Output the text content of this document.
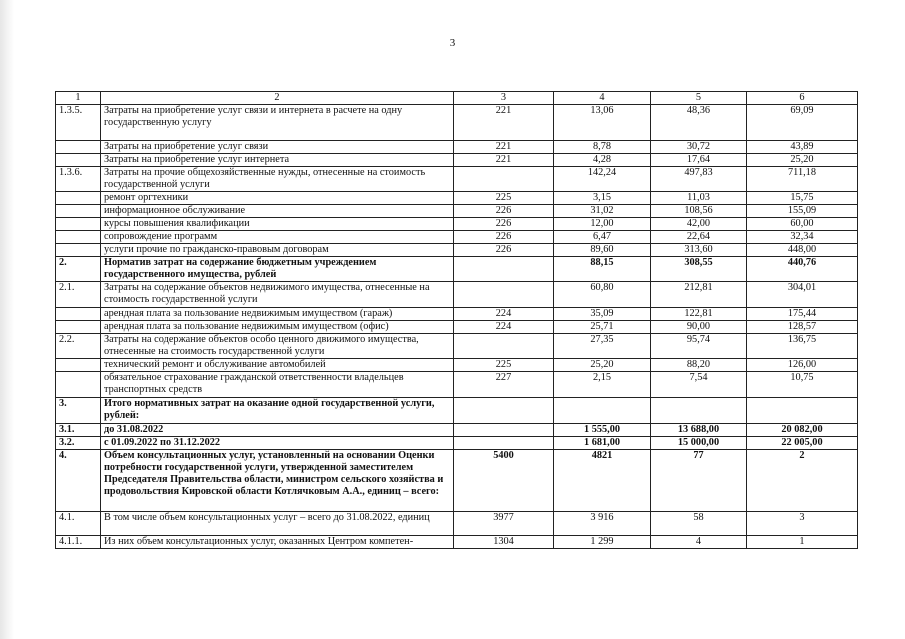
3
1	2	3	4	5	6
1.3.5.	Затраты на приобретение услуг связи и интернета в расчете на одну государственную услугу	221	13,06	48,36	69,09
	Затраты на приобретение услуг связи	221	8,78	30,72	43,89
	Затраты на приобретение услуг интернета	221	4,28	17,64	25,20
1.3.6.	Затраты на прочие общехозяйственные нужды, отнесенные на стоимость государственной услуги		142,24	497,83	711,18
	ремонт оргтехники	225	3,15	11,03	15,75
	информационное обслуживание	226	31,02	108,56	155,09
	курсы повышения квалификации	226	12,00	42,00	60,00
	сопровождение программ	226	6,47	22,64	32,34
	услуги прочие по гражданско-правовым договорам	226	89,60	313,60	448,00
2.	Норматив затрат на содержание бюджетным учреждением государственного имущества, рублей		88,15	308,55	440,76
2.1.	Затраты на содержание объектов недвижимого имущества, отнесенные на стоимость государственной услуги		60,80	212,81	304,01
	арендная плата за пользование недвижимым имуществом (гараж)	224	35,09	122,81	175,44
	арендная плата за пользование недвижимым имуществом (офис)	224	25,71	90,00	128,57
2.2.	Затраты на содержание объектов особо ценного движимого имущества, отнесенные на стоимость государственной услуги		27,35	95,74	136,75
	технический ремонт и обслуживание автомобилей	225	25,20	88,20	126,00
	обязательное страхование гражданской ответственности владельцев транспортных средств	227	2,15	7,54	10,75
3.	Итого нормативных затрат на оказание одной государственной услуги, рублей:				
3.1.	до 31.08.2022		1 555,00	13 688,00	20 082,00
3.2.	с 01.09.2022 по 31.12.2022		1 681,00	15 000,00	22 005,00
4.	Объем консультационных услуг, установленный на основании Оценки потребности государственной услуги, утвержденной заместителем Председателя Правительства области, министром сельского хозяйства и продовольствия Кировской области Котлячковым А.А., единиц – всего:	5400	4821	77	2
4.1.	В том числе объем консультационных услуг – всего до 31.08.2022, единиц	3977	3 916	58	3
4.1.1.	Из них объем консультационных услуг, оказанных Центром компетен-	1304	1 299	4	1
